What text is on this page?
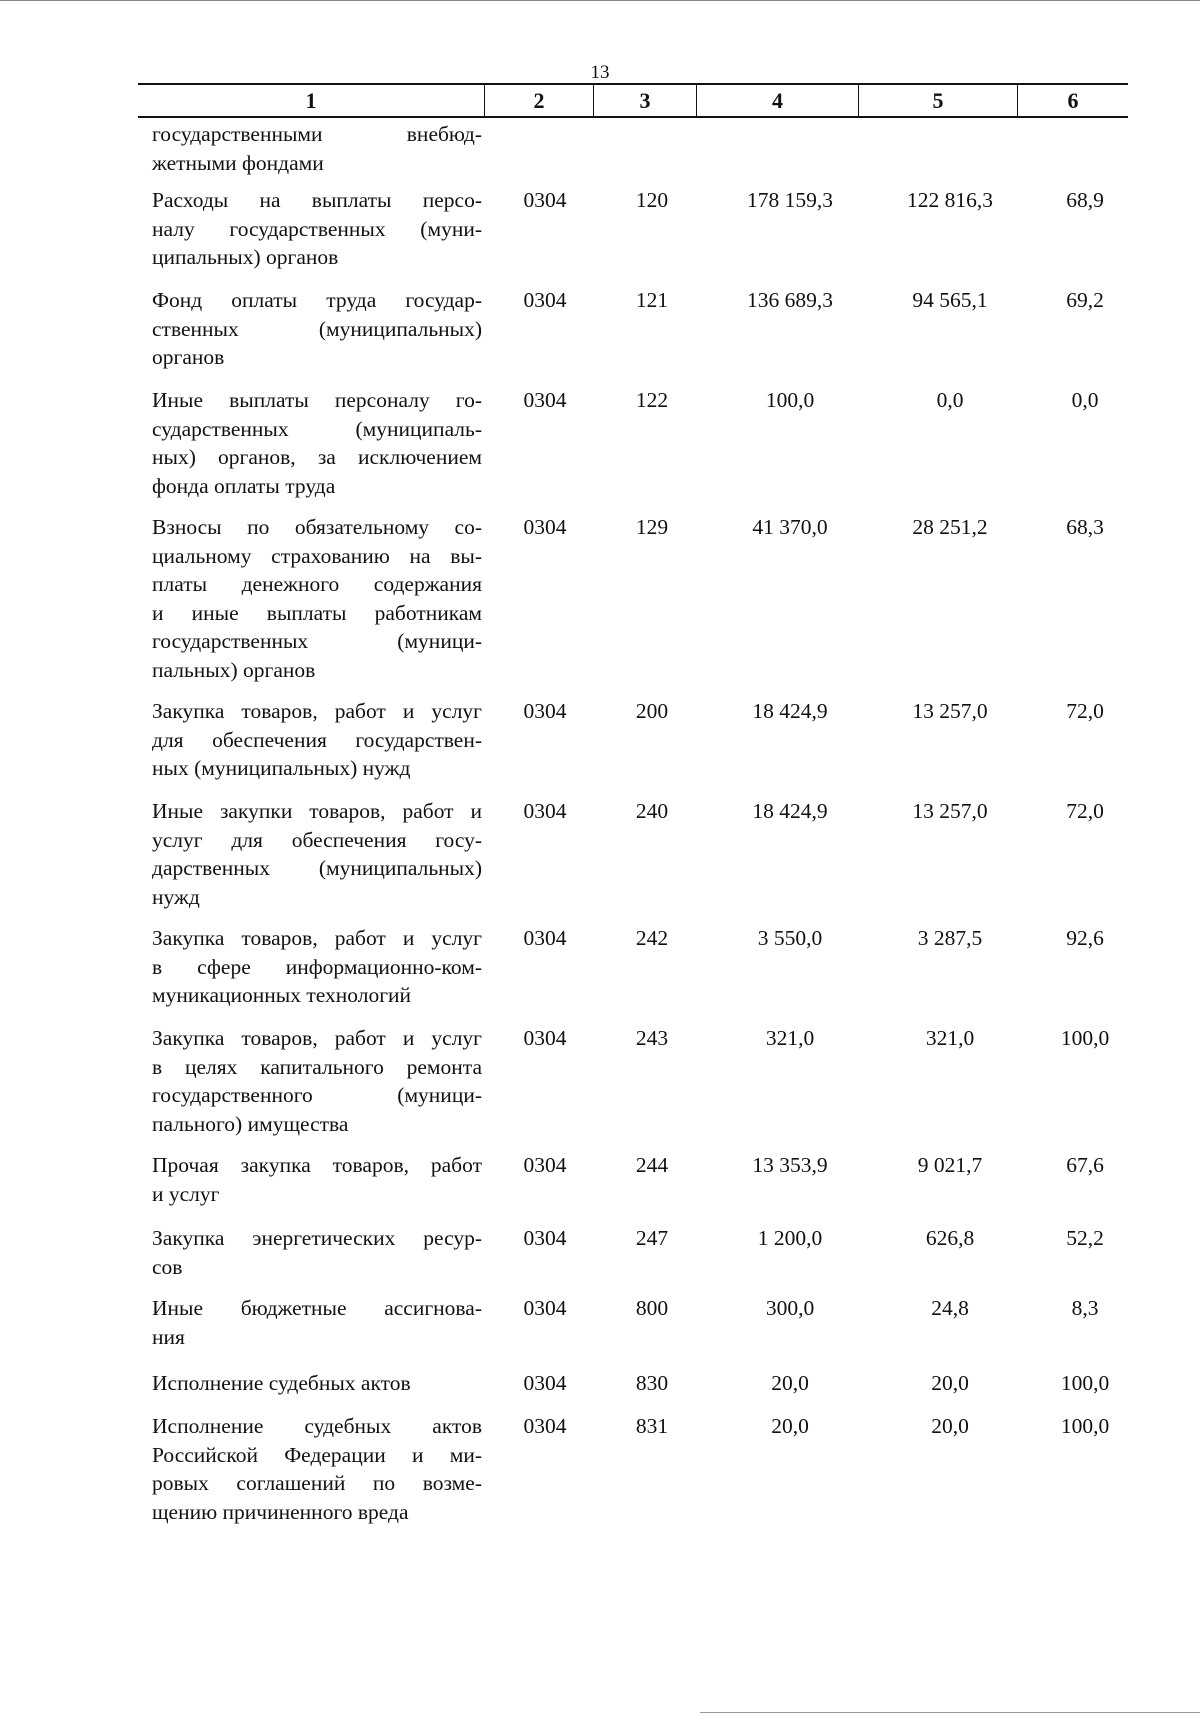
13
1	2	3	4	5	6
государственными внебюд-
жетными фондами
Расходы на выплаты персо-
налу государственных (муни-
ципальных) органов
0304	120	178 159,3	122 816,3	68,9
Фонд оплаты труда государ-
ственных (муниципальных)
органов
0304	121	136 689,3	94 565,1	69,2
Иные выплаты персоналу го-
сударственных (муниципаль-
ных) органов, за исключением
фонда оплаты труда
0304	122	100,0	0,0	0,0
Взносы по обязательному со-
циальному страхованию на вы-
платы денежного содержания
и иные выплаты работникам
государственных (муници-
пальных) органов
0304	129	41 370,0	28 251,2	68,3
Закупка товаров, работ и услуг
для обеспечения государствен-
ных (муниципальных) нужд
0304	200	18 424,9	13 257,0	72,0
Иные закупки товаров, работ и
услуг для обеспечения госу-
дарственных (муниципальных)
нужд
0304	240	18 424,9	13 257,0	72,0
Закупка товаров, работ и услуг
в сфере информационно-ком-
муникационных технологий
0304	242	3 550,0	3 287,5	92,6
Закупка товаров, работ и услуг
в целях капитального ремонта
государственного (муници-
пального) имущества
0304	243	321,0	321,0	100,0
Прочая закупка товаров, работ
и услуг
0304	244	13 353,9	9 021,7	67,6
Закупка энергетических ресур-
сов
0304	247	1 200,0	626,8	52,2
Иные бюджетные ассигнова-
ния
0304	800	300,0	24,8	8,3
Исполнение судебных актов	0304	830	20,0	20,0	100,0
Исполнение судебных актов
Российской Федерации и ми-
ровых соглашений по возме-
щению причиненного вреда
0304	831	20,0	20,0	100,0
